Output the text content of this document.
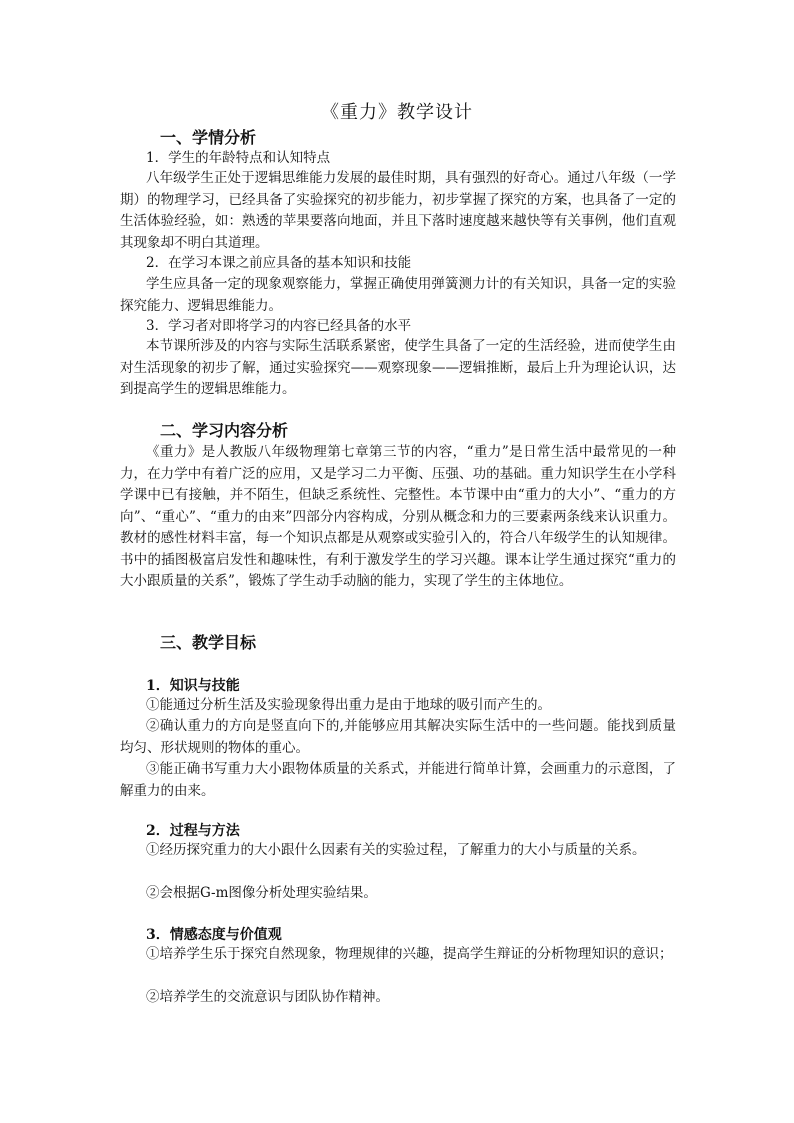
《重力》教学设计
一、学情分析
1．学生的年龄特点和认知特点

八年级学生正处于逻辑思维能力发展的最佳时期，具有强烈的好奇心。通过八年级（一学期）的物理学习，已经具备了实验探究的初步能力，初步掌握了探究的方案，也具备了一定的生活体验经验，如：熟透的苹果要落向地面，并且下落时速度越来越快等有关事例，他们直观其现象却不明白其道理。

2．在学习本课之前应具备的基本知识和技能

学生应具备一定的现象观察能力，掌握正确使用弹簧测力计的有关知识，具备一定的实验探究能力、逻辑思维能力。

3．学习者对即将学习的内容已经具备的水平

本节课所涉及的内容与实际生活联系紧密，使学生具备了一定的生活经验，进而使学生由对生活现象的初步了解，通过实验探究——观察现象——逻辑推断，最后上升为理论认识，达到提高学生的逻辑思维能力。

二、学习内容分析

《重力》是人教版八年级物理第七章第三节的内容，“重力”是日常生活中最常见的一种力，在力学中有着广泛的应用，又是学习二力平衡、压强、功的基础。重力知识学生在小学科学课中已有接触，并不陌生，但缺乏系统性、完整性。本节课中由“重力的大小”、“重力的方向”、“重心”、“重力的由来”四部分内容构成，分别从概念和力的三要素两条线来认识重力。教材的感性材料丰富，每一个知识点都是从观察或实验引入的，符合八年级学生的认知规律。书中的插图极富启发性和趣味性，有利于激发学生的学习兴趣。课本让学生通过探究“重力的大小跟质量的关系”，锻炼了学生动手动脑的能力，实现了学生的主体地位。

三、教学目标
1．知识与技能

①能通过分析生活及实验现象得出重力是由于地球的吸引而产生的。

②确认重力的方向是竖直向下的,并能够应用其解决实际生活中的一些问题。能找到质量均匀、形状规则的物体的重心。

③能正确书写重力大小跟物体质量的关系式，并能进行简单计算，会画重力的示意图，了解重力的由来。

2．过程与方法

①经历探究重力的大小跟什么因素有关的实验过程，了解重力的大小与质量的关系。

②会根据G-m图像分析处理实验结果。

3．情感态度与价值观

①培养学生乐于探究自然现象，物理规律的兴趣，提高学生辩证的分析物理知识的意识；

②培养学生的交流意识与团队协作精神。
